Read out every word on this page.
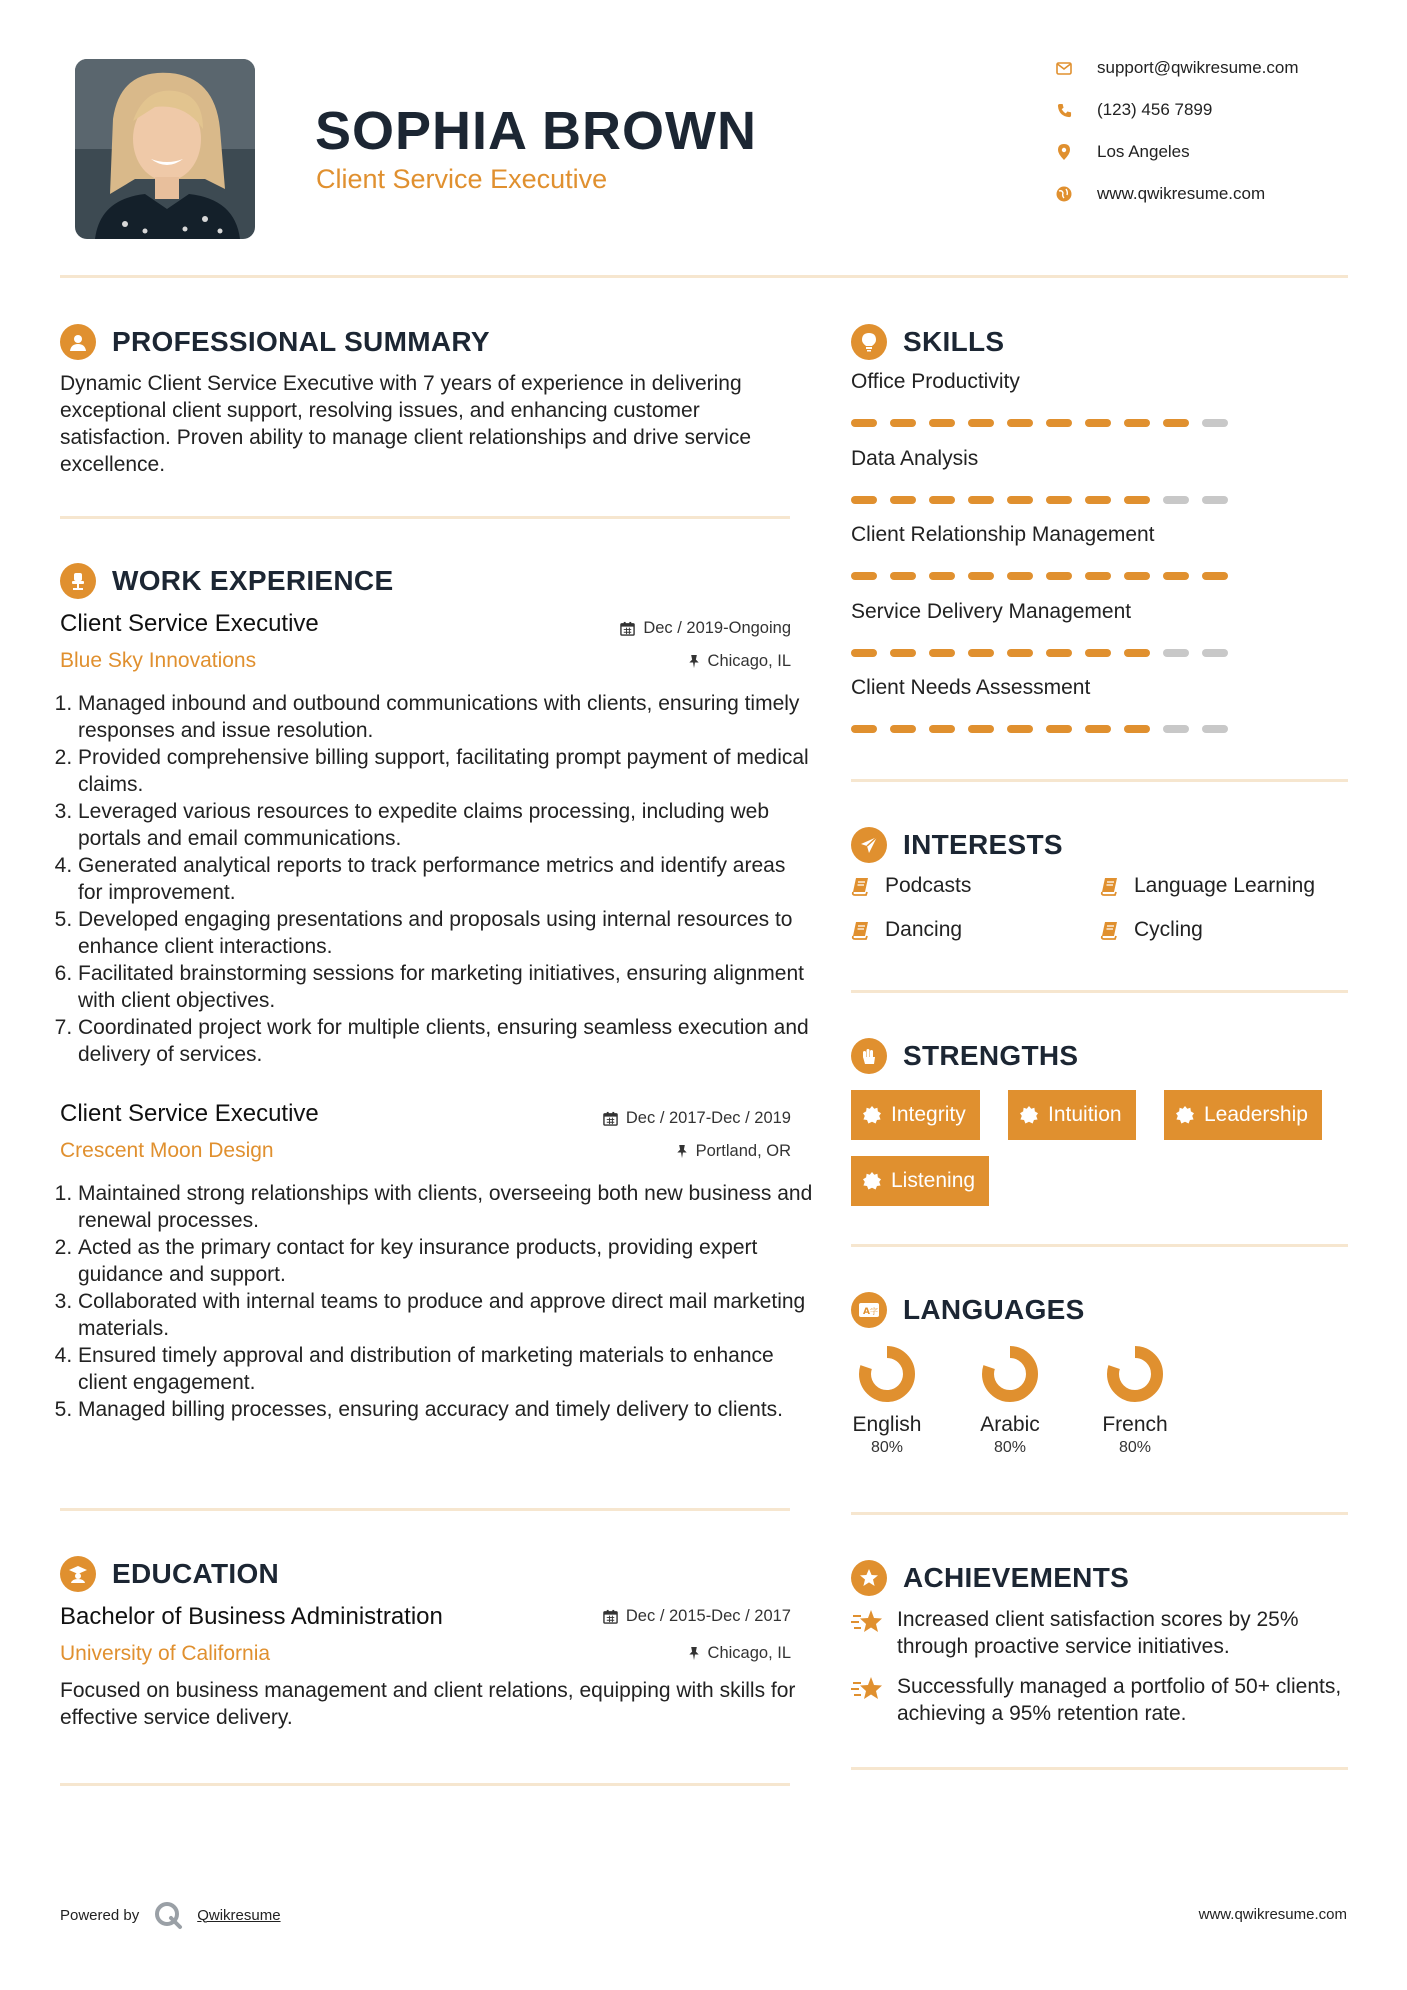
SOPHIA BROWN
Client Service Executive
support@qwikresume.com
(123) 456 7899
Los Angeles
www.qwikresume.com
PROFESSIONAL SUMMARY
Dynamic Client Service Executive with 7 years of experience in delivering exceptional client support, resolving issues, and enhancing customer satisfaction. Proven ability to manage client relationships and drive service excellence.
WORK EXPERIENCE
Client Service Executive	Dec / 2019-Ongoing
Blue Sky Innovations	Chicago, IL
1. Managed inbound and outbound communications with clients, ensuring timely responses and issue resolution.
2. Provided comprehensive billing support, facilitating prompt payment of medical claims.
3. Leveraged various resources to expedite claims processing, including web portals and email communications.
4. Generated analytical reports to track performance metrics and identify areas for improvement.
5. Developed engaging presentations and proposals using internal resources to enhance client interactions.
6. Facilitated brainstorming sessions for marketing initiatives, ensuring alignment with client objectives.
7. Coordinated project work for multiple clients, ensuring seamless execution and delivery of services.
Client Service Executive	Dec / 2017-Dec / 2019
Crescent Moon Design	Portland, OR
1. Maintained strong relationships with clients, overseeing both new business and renewal processes.
2. Acted as the primary contact for key insurance products, providing expert guidance and support.
3. Collaborated with internal teams to produce and approve direct mail marketing materials.
4. Ensured timely approval and distribution of marketing materials to enhance client engagement.
5. Managed billing processes, ensuring accuracy and timely delivery to clients.
EDUCATION
Bachelor of Business Administration	Dec / 2015-Dec / 2017
University of California	Chicago, IL
Focused on business management and client relations, equipping with skills for effective service delivery.
SKILLS
Office Productivity
Data Analysis
Client Relationship Management
Service Delivery Management
Client Needs Assessment
INTERESTS
Podcasts	Language Learning
Dancing	Cycling
STRENGTHS
Integrity	Intuition	Leadership
Listening
A 字 LANGUAGES
English
80%
Arabic
80%
French
80%
ACHIEVEMENTS
Increased client satisfaction scores by 25% through proactive service initiatives.
Successfully managed a portfolio of 50+ clients, achieving a 95% retention rate.
Powered by	Qwikresume	www.qwikresume.com
